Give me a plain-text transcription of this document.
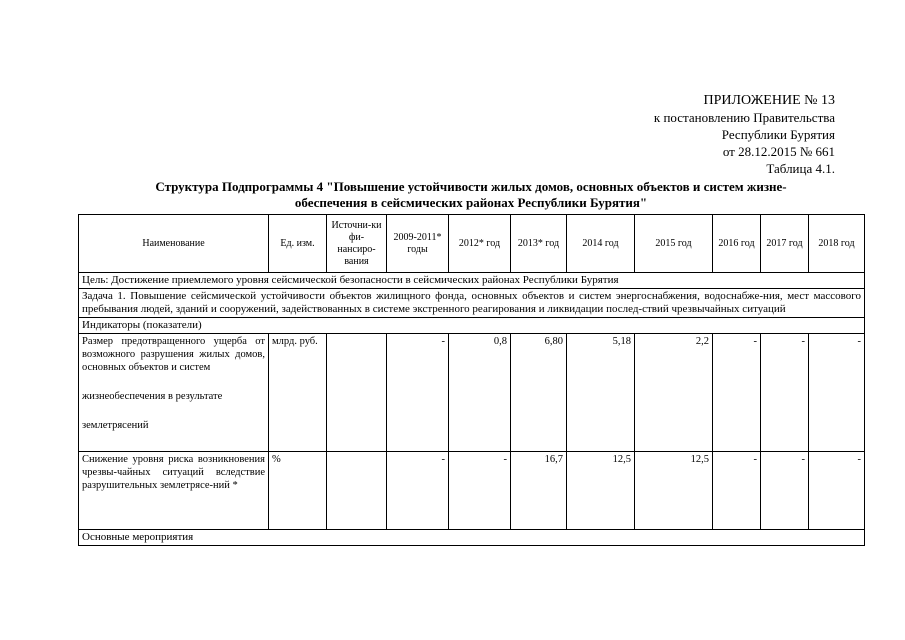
ПРИЛОЖЕНИЕ № 13
к постановлению Правительства
Республики Бурятия
от 28.12.2015 № 661
Таблица 4.1.
Структура Подпрограммы 4 "Повышение устойчивости жилых домов, основных объектов и систем жизне-
обеспечения в сейсмических районах Республики Бурятия"
Наименование	Ед. изм.	Источни-ки фи-нансиро-вания	2009-2011* годы	2012* год	2013* год	2014 год	2015 год	2016 год	2017 год	2018 год
Цель: Достижение приемлемого уровня сейсмической безопасности в сейсмических районах Республики Бурятия										
Задача 1. Повышение сейсмической устойчивости объектов жилищного фонда, основных объектов и систем энергоснабжения, водоснабже-ния, мест массового пребывания людей, зданий и сооружений, задействованных в системе экстренного реагирования и ликвидации послед-ствий чрезвычайных ситуаций										
Индикаторы (показатели)										

Размер предотвращенного ущерба от возможного разрушения жилых домов, основных объектов и систем
жизнеобеспечения в результате
землетрясений	млрд. руб.		-	0,8	6,80	5,18	2,2	-	-	-
Снижение уровня риска возникновения чрезвы-чайных ситуаций вследствие разрушительных землетрясе-ний *	%		-	-	16,7	12,5	12,5	-	-	-
Основные мероприятия										
